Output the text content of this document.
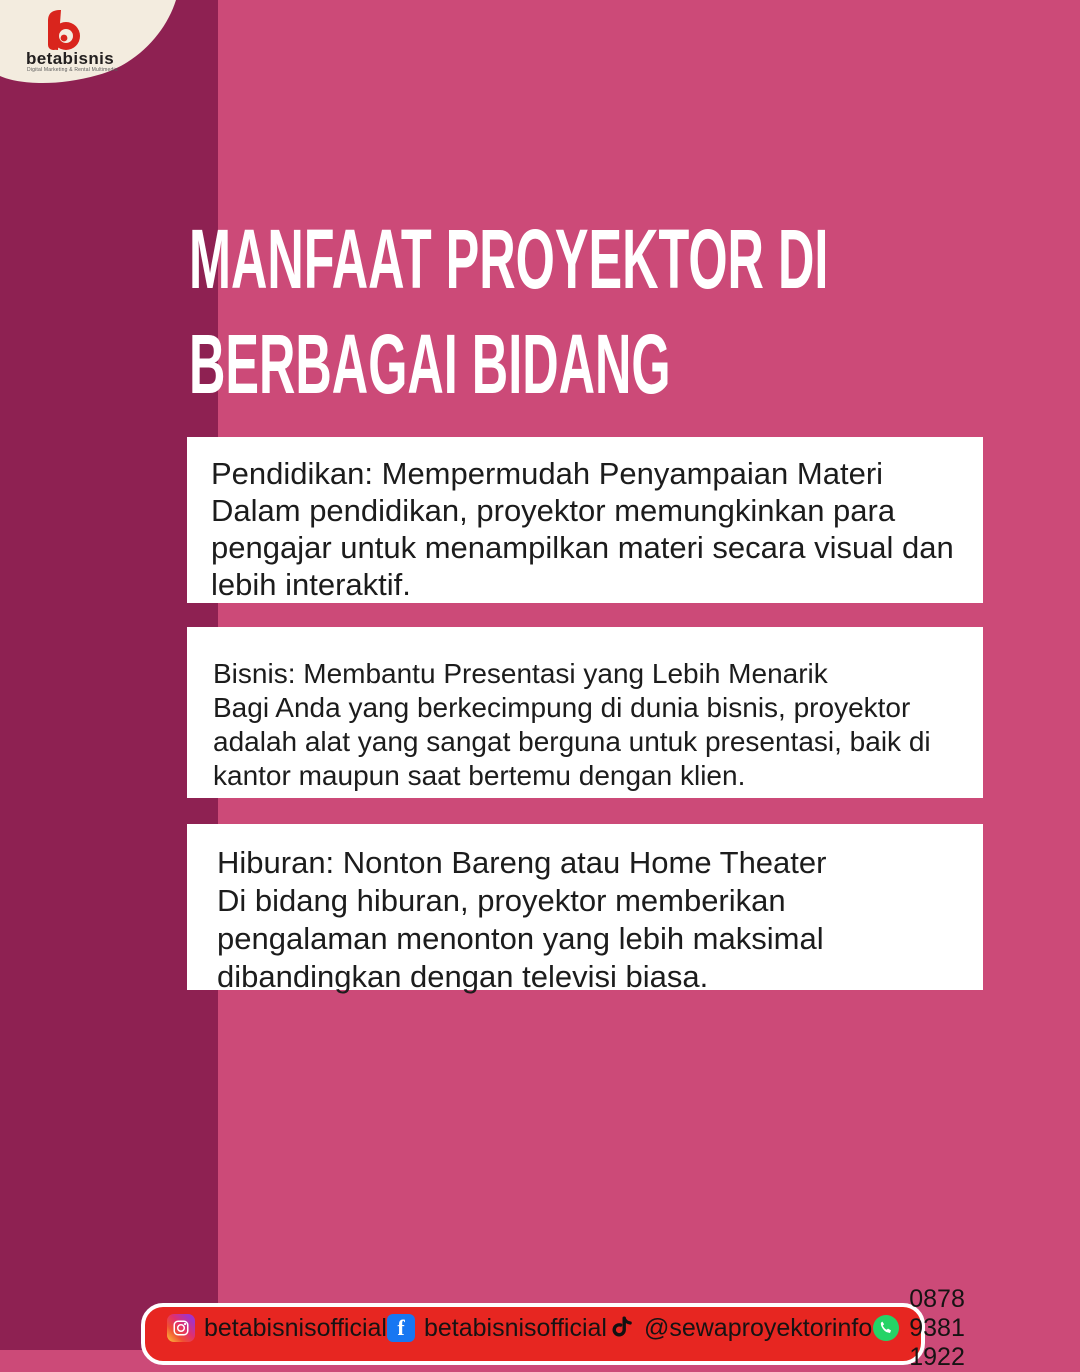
betabisnis
Digital Marketing & Rental Multimedia
MANFAAT PROYEKTOR DI
BERBAGAI BIDANG
Pendidikan: Mempermudah Penyampaian Materi
Dalam pendidikan, proyektor memungkinkan para pengajar untuk menampilkan materi secara visual dan lebih interaktif.
Bisnis: Membantu Presentasi yang Lebih Menarik
Bagi Anda yang berkecimpung di dunia bisnis, proyektor adalah alat yang sangat berguna untuk presentasi, baik di kantor maupun saat bertemu dengan klien.
Hiburan: Nonton Bareng atau Home Theater
Di bidang hiburan, proyektor memberikan pengalaman menonton yang lebih maksimal dibandingkan dengan televisi biasa.
betabisnisofficial f betabisnisofficial @sewaproyektorinfo
0878 9381 1922
